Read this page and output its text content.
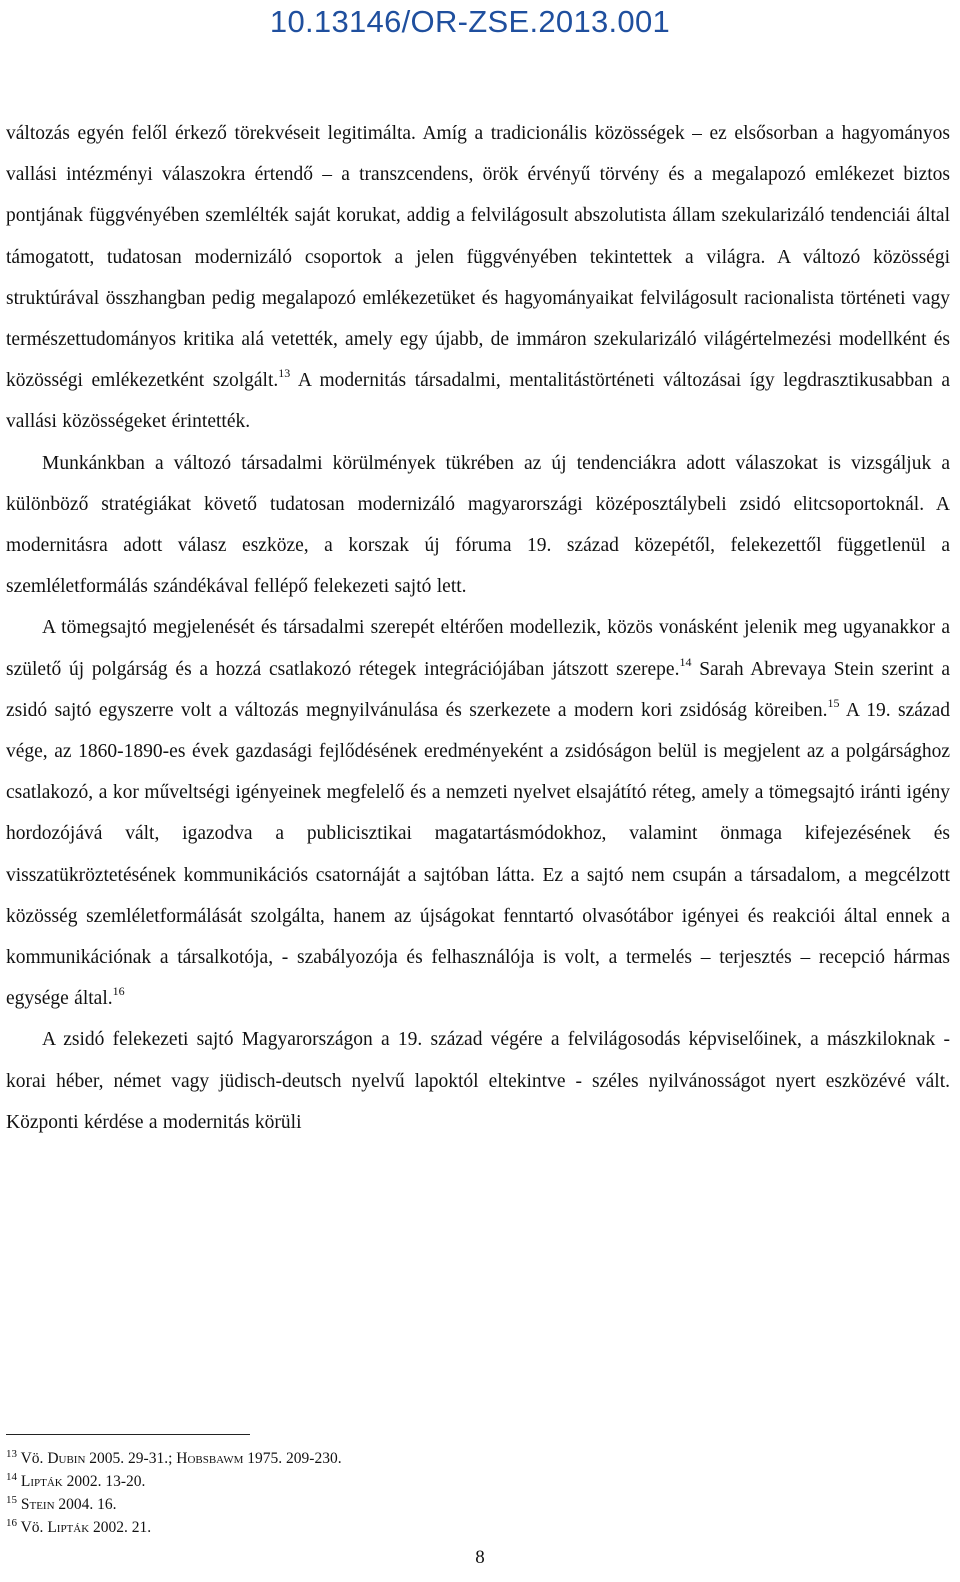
10.13146/OR-ZSE.2013.001

változás egyén felől érkező törekvéseit legitimálta. Amíg a tradicionális közösségek – ez elsősorban a hagyományos vallási intézményi válaszokra értendő – a transzcendens, örök érvényű törvény és a megalapozó emlékezet biztos pontjának függvényében szemlélték saját korukat, addig a felvilágosult abszolutista állam szekularizáló tendenciái által támogatott, tudatosan modernizáló csoportok a jelen függvényében tekintettek a világra. A változó közösségi struktúrával összhangban pedig megalapozó emlékezetüket és hagyományaikat felvilágosult racionalista történeti vagy természettudományos kritika alá vetették, amely egy újabb, de immáron szekularizáló világértelmezési modellként és közösségi emlékezetként szolgált.$^{13}$ A modernitás társadalmi, mentalitástörténeti változásai így legdrasztikusabban a vallási közösségeket érintették.

Munkánkban a változó társadalmi körülmények tükrében az új tendenciákra adott válaszokat is vizsgáljuk a különböző stratégiákat követő tudatosan modernizáló magyarországi középosztálybeli zsidó elitcsoportoknál. A modernitásra adott válasz eszköze, a korszak új fóruma 19. század közepétől, felekezettől függetlenül a szemléletformálás szándékával fellépő felekezeti sajtó lett.

A tömegsajtó megjelenését és társadalmi szerepét eltérően modellezik, közös vonásként jelenik meg ugyanakkor a születő új polgárság és a hozzá csatlakozó rétegek integrációjában játszott szerepe.$^{14}$ Sarah Abrevaya Stein szerint a zsidó sajtó egyszerre volt a változás megnyilvánulása és szerkezete a modern kori zsidóság köreiben.$^{15}$ A 19. század vége, az 1860-1890-es évek gazdasági fejlődésének eredményeként a zsidóságon belül is megjelent az a polgársághoz csatlakozó, a kor műveltségi igényeinek megfelelő és a nemzeti nyelvet elsajátító réteg, amely a tömegsajtó iránti igény hordozójává vált, igazodva a publicisztikai magatartásmódokhoz, valamint önmaga kifejezésének és visszatükröztetésének kommunikációs csatornáját a sajtóban látta. Ez a sajtó nem csupán a társadalom, a megcélzott közösség szemléletformálását szolgálta, hanem az újságokat fenntartó olvasótábor igényei és reakciói által ennek a kommunikációnak a társalkotója, - szabályozója és felhasználója is volt, a termelés – terjesztés – recepció hármas egysége által.$^{16}$

A zsidó felekezeti sajtó Magyarországon a 19. század végére a felvilágosodás képviselőinek, a mászkiloknak - korai héber, német vagy jüdisch-deutsch nyelvű lapoktól eltekintve - széles nyilvánosságot nyert eszközévé vált. Központi kérdése a modernitás körüli

$^{13}$ Vö. Dubin 2005. 29-31.; Hobsbawm 1975. 209-230.
$^{14}$ Lipták 2002. 13-20.
$^{15}$ Stein 2004. 16.
$^{16}$ Vö. Lipták 2002. 21.
8
